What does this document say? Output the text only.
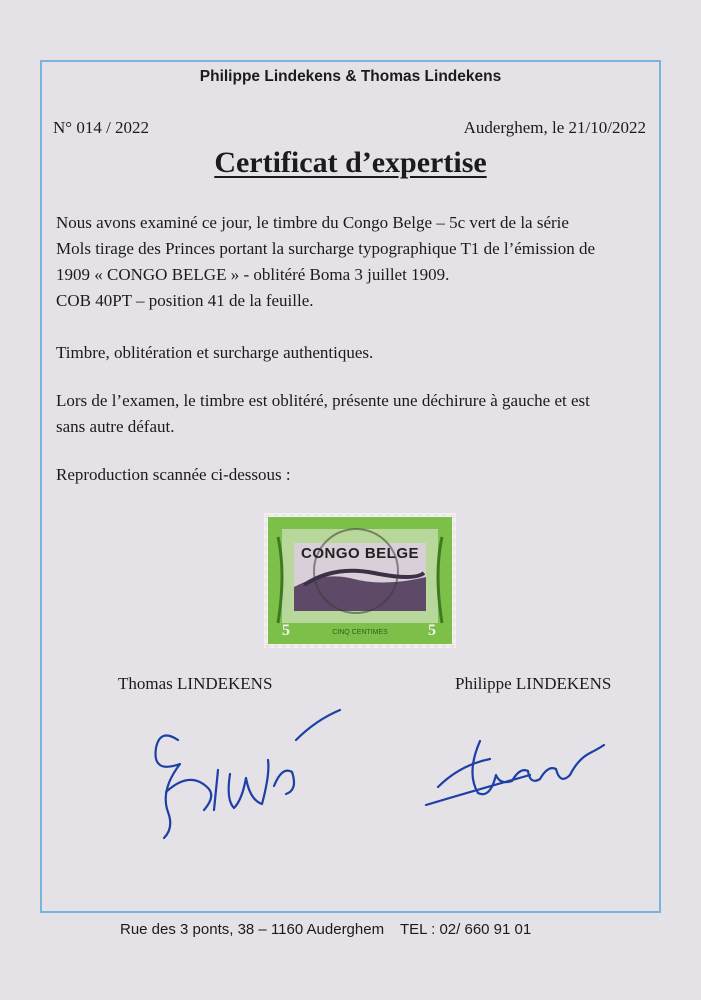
Philippe Lindekens & Thomas Lindekens
N° 014 / 2022	Auderghem, le 21/10/2022
Certificat d’expertise
Nous avons examiné ce jour, le timbre du Congo Belge – 5c vert de la série
Mols tirage des Princes portant la surcharge typographique T1 de l’émission de
1909 « CONGO BELGE » - oblitéré Boma 3 juillet 1909.
COB 40PT – position 41 de la feuille.
Timbre, oblitération et surcharge authentiques.
Lors de l’examen, le timbre est oblitéré, présente une déchirure à gauche et est
sans autre défaut.
Reproduction scannée ci-dessous :
CONGO BELGE
5	5
CINQ CENTIMES
Thomas LINDEKENS	Philippe LINDEKENS
Rue des 3 ponts, 38 – 1160 Auderghem TEL : 02/ 660 91 01
